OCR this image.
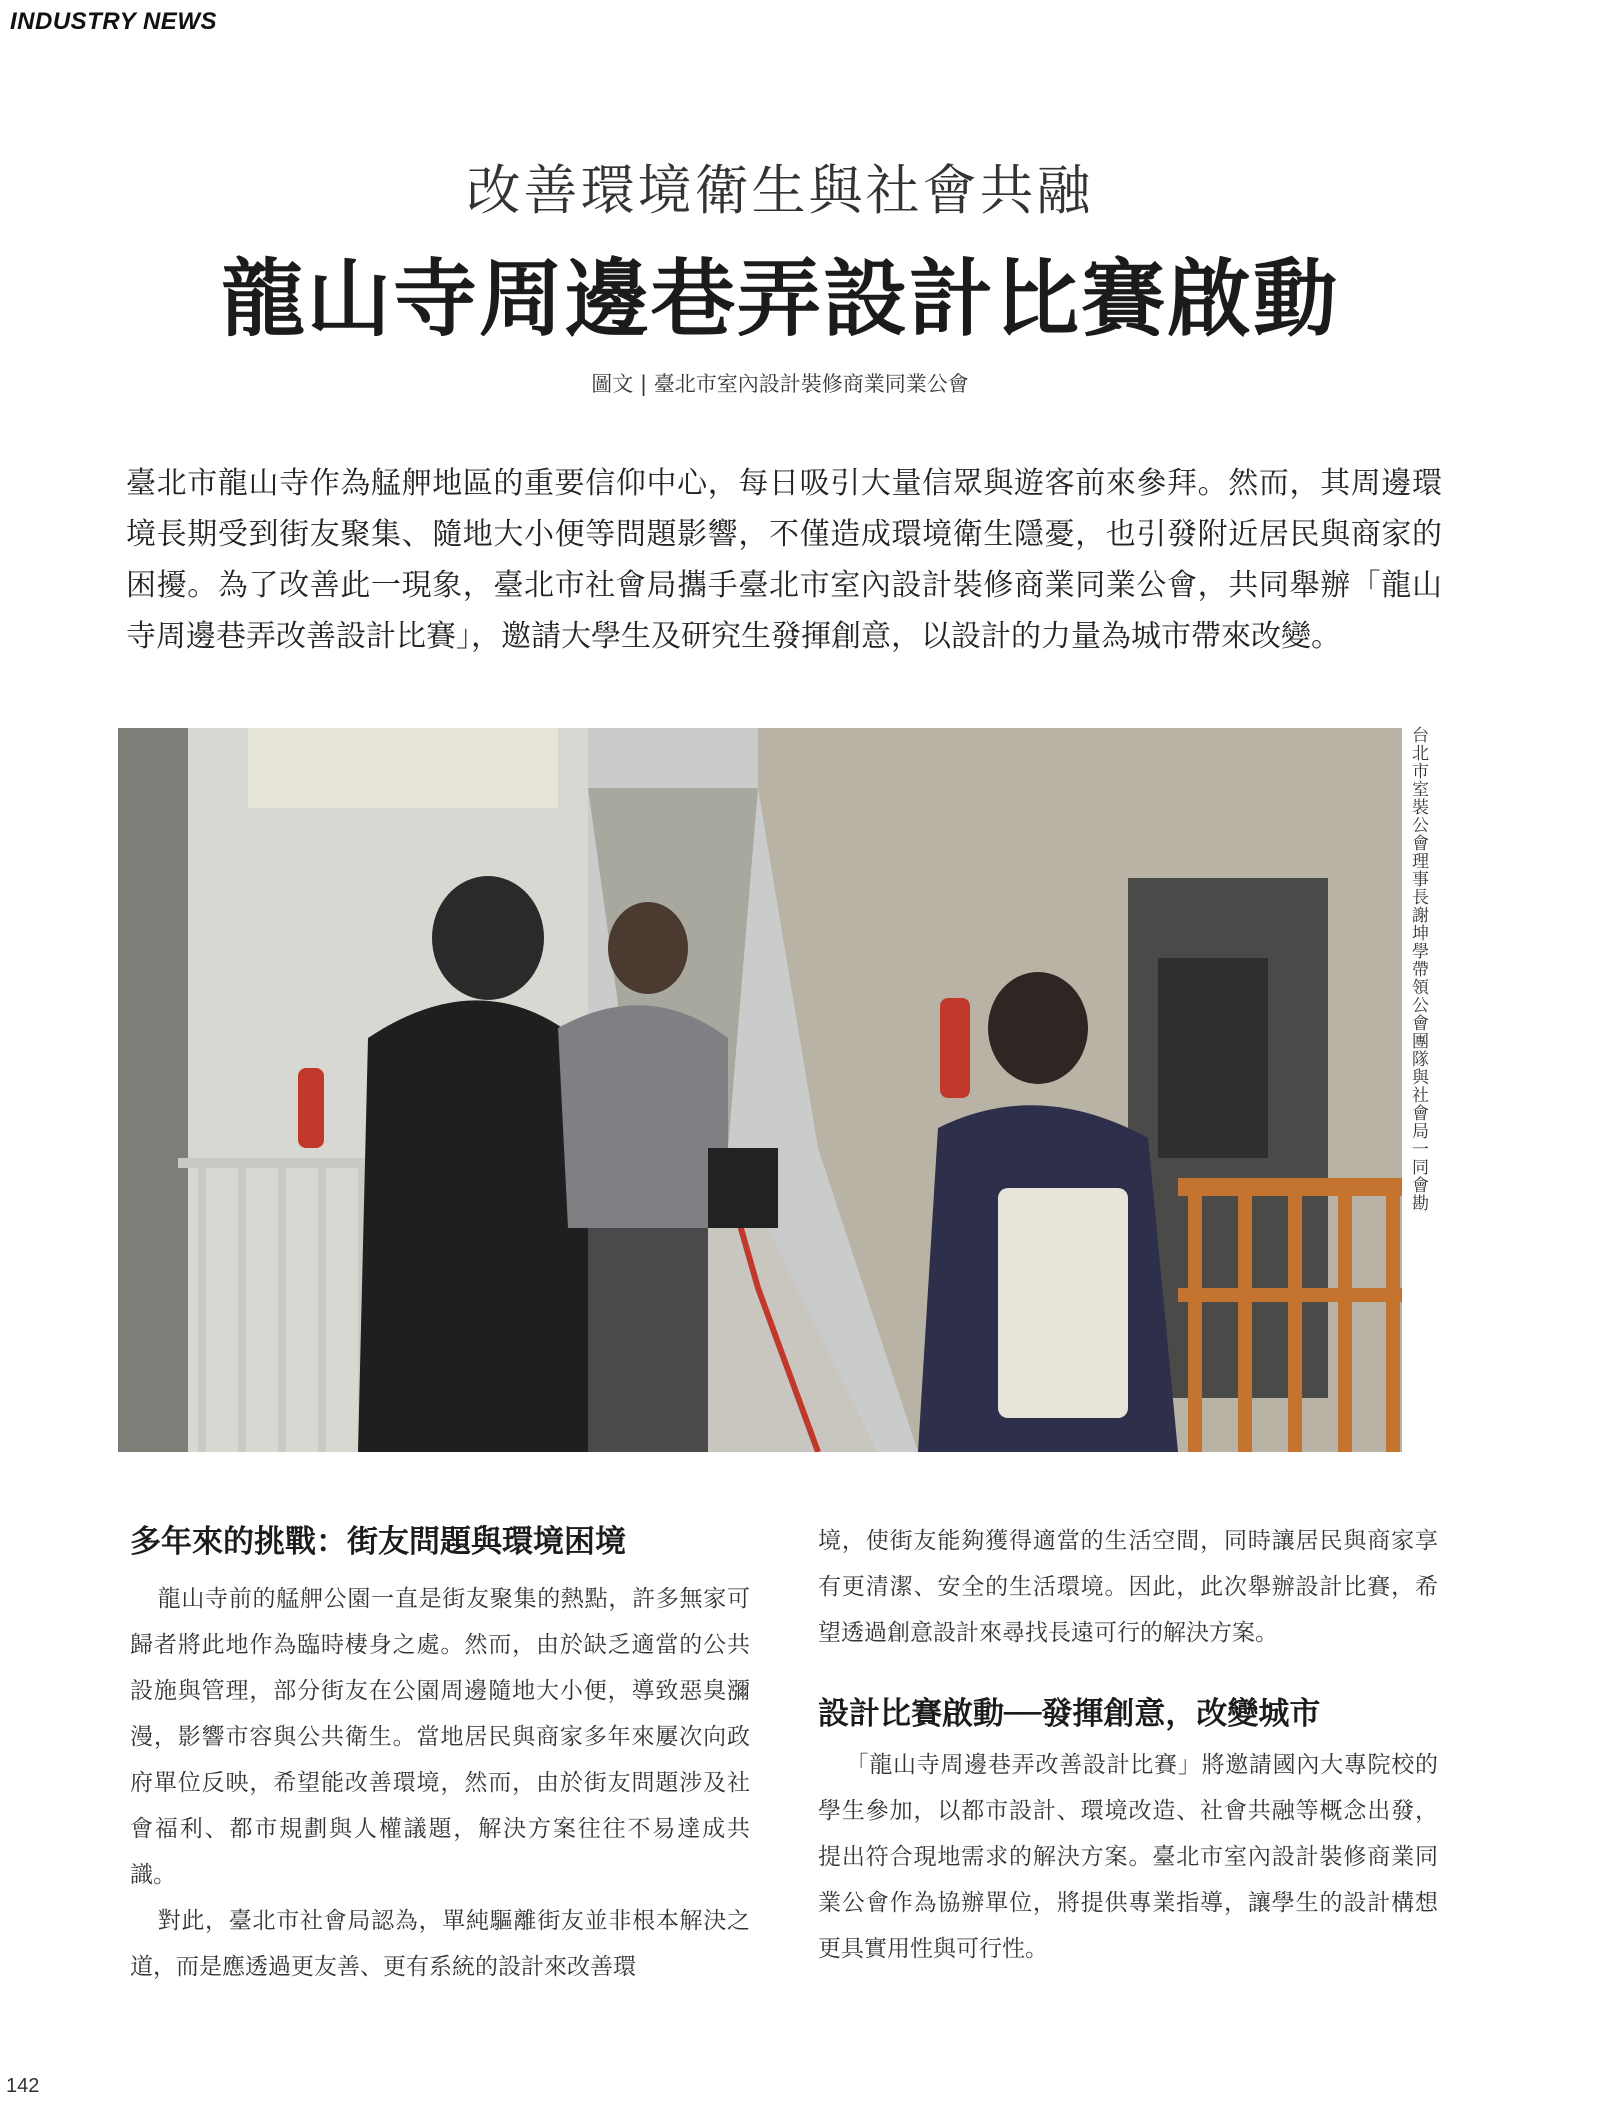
INDUSTRY NEWS
改善環境衛生與社會共融
龍山寺周邊巷弄設計比賽啟動
圖文 | 臺北市室內設計裝修商業同業公會

臺北市龍山寺作為艋舺地區的重要信仰中心，每日吸引大量信眾與遊客前來參拜。然而，其周邊環境長期受到街友聚集、隨地大小便等問題影響，不僅造成環境衛生隱憂，也引發附近居民與商家的困擾。為了改善此一現象，臺北市社會局攜手臺北市室內設計裝修商業同業公會，共同舉辦「龍山寺周邊巷弄改善設計比賽」，邀請大學生及研究生發揮創意，以設計的力量為城市帶來改變。

台北市室裝公會理事長謝坤學帶領公會團隊與社會局一同會勘
多年來的挑戰：街友問題與環境困境

龍山寺前的艋舺公園一直是街友聚集的熱點，許多無家可歸者將此地作為臨時棲身之處。然而，由於缺乏適當的公共設施與管理，部分街友在公園周邊隨地大小便，導致惡臭瀰漫，影響市容與公共衛生。當地居民與商家多年來屢次向政府單位反映，希望能改善環境，然而，由於街友問題涉及社會福利、都市規劃與人權議題，解決方案往往不易達成共識。

對此，臺北市社會局認為，單純驅離街友並非根本解決之道，而是應透過更友善、更有系統的設計來改善環

境，使街友能夠獲得適當的生活空間，同時讓居民與商家享有更清潔、安全的生活環境。因此，此次舉辦設計比賽，希望透過創意設計來尋找長遠可行的解決方案。

設計比賽啟動──發揮創意，改變城市

「龍山寺周邊巷弄改善設計比賽」將邀請國內大專院校的學生參加，以都市設計、環境改造、社會共融等概念出發，提出符合現地需求的解決方案。臺北市室內設計裝修商業同業公會作為協辦單位，將提供專業指導，讓學生的設計構想更具實用性與可行性。

142
